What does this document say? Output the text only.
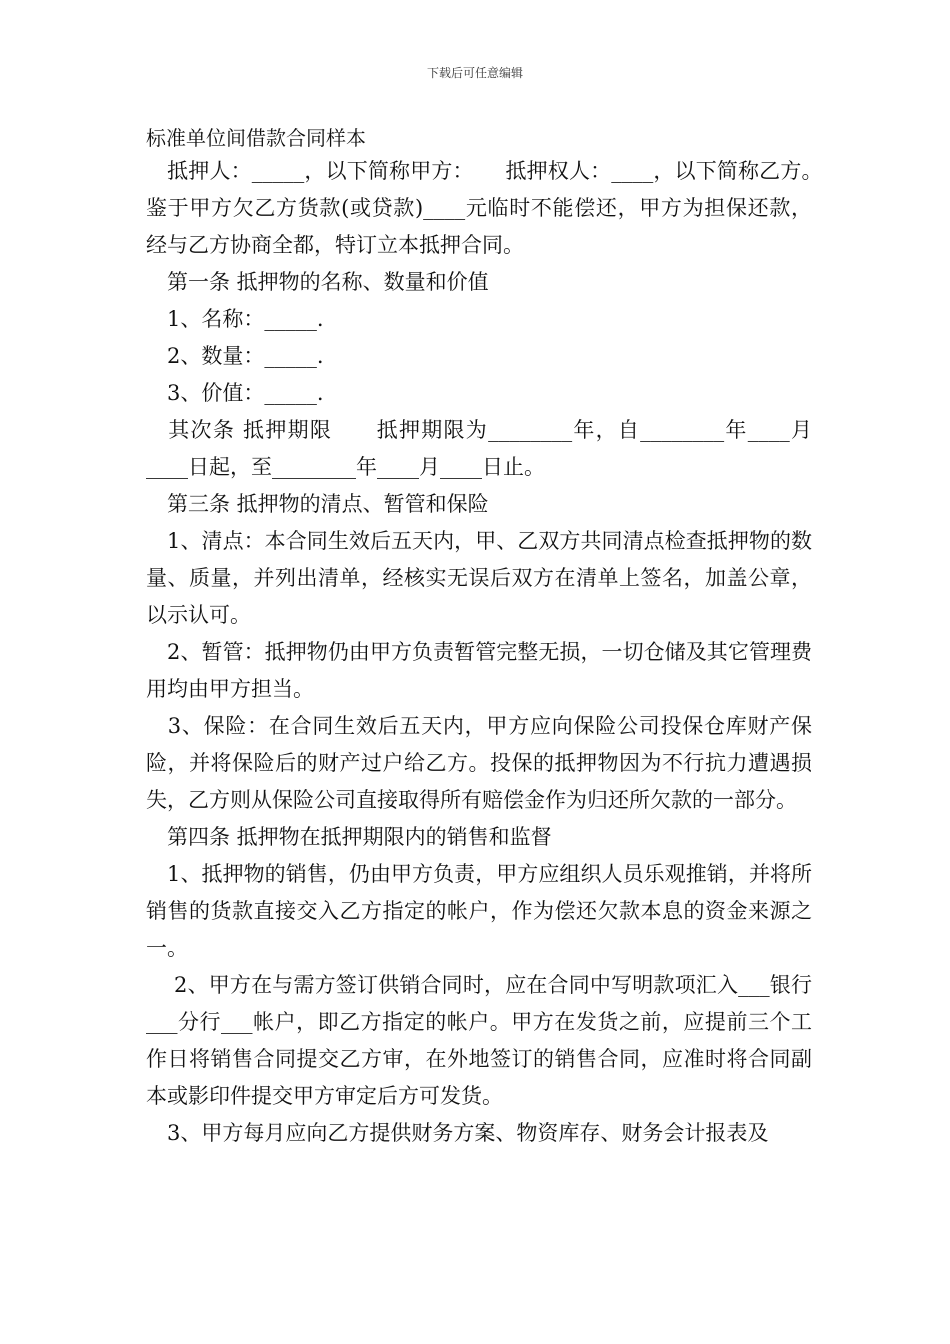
下载后可任意编辑
标准单位间借款合同样本

　抵押人：_____，以下简称甲方：　　抵押权人：____，以下简称乙方。　　鉴于甲方欠乙方货款(或贷款)____元临时不能偿还，甲方为担保还款，经与乙方协商全都，特订立本抵押合同。

　第一条 抵押物的名称、数量和价值

　1、名称：_____.

　2、数量：_____.

　3、价值：_____.

　其次条 抵押期限　　抵押期限为________年，自________年____月____日起，至________年____月____日止。

　第三条 抵押物的清点、暂管和保险

　1、清点：本合同生效后五天内，甲、乙双方共同清点检查抵押物的数量、质量，并列出清单，经核实无误后双方在清单上签名，加盖公章，以示认可。

　2、暂管：抵押物仍由甲方负责暂管完整无损，一切仓储及其它管理费用均由甲方担当。

　3、保险：在合同生效后五天内，甲方应向保险公司投保仓库财产保险，并将保险后的财产过户给乙方。投保的抵押物因为不行抗力遭遇损失，乙方则从保险公司直接取得所有赔偿金作为归还所欠款的一部分。

　第四条 抵押物在抵押期限内的销售和监督

　1、抵押物的销售，仍由甲方负责，甲方应组织人员乐观推销，并将所销售的货款直接交入乙方指定的帐户，作为偿还欠款本息的资金来源之一。

　 2、甲方在与需方签订供销合同时，应在合同中写明款项汇入___银行___分行___帐户，即乙方指定的帐户。甲方在发货之前，应提前三个工作日将销售合同提交乙方审，在外地签订的销售合同，应准时将合同副本或影印件提交甲方审定后方可发货。

　3、甲方每月应向乙方提供财务方案、物资库存、财务会计报表及
